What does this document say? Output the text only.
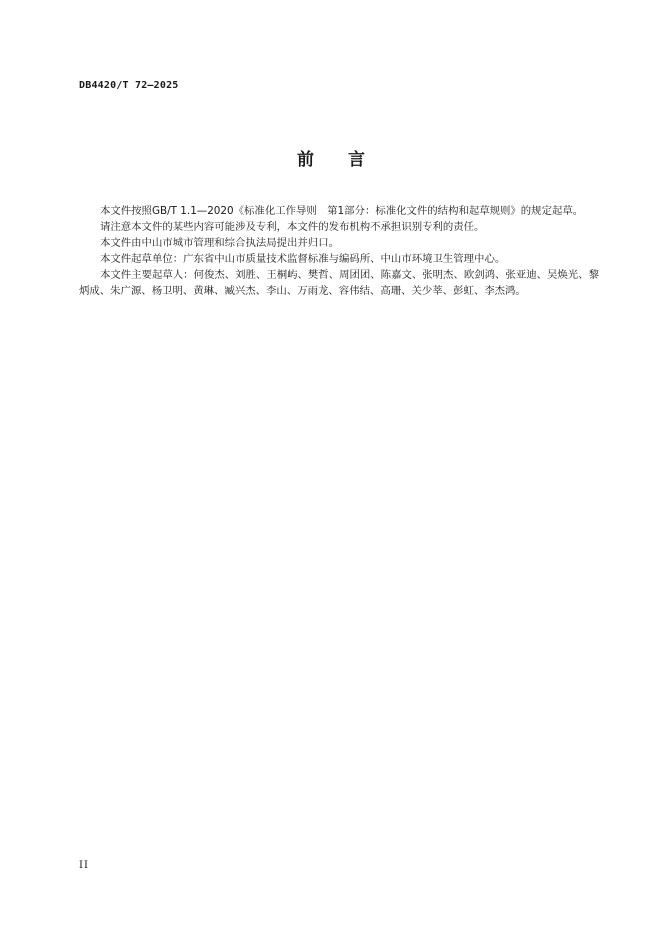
DB4420/T 72—2025
前 言

本文件按照GB/T 1.1—2020《标准化工作导则　第1部分：标准化文件的结构和起草规则》的规定起草。

请注意本文件的某些内容可能涉及专利，本文件的发布机构不承担识别专利的责任。

本文件由中山市城市管理和综合执法局提出并归口。

本文件起草单位：广东省中山市质量技术监督标准与编码所、中山市环境卫生管理中心。

本文件主要起草人：何俊杰、刘胜、王桐屿、樊哲、周团团、陈嘉文、张明杰、欧剑鸿、张亚迪、吴焕光、黎炳成、朱广源、杨卫明、黄琳、臧兴杰、李山、万雨龙、容伟结、高珊、关少莘、彭虹、李杰鸿。

II
